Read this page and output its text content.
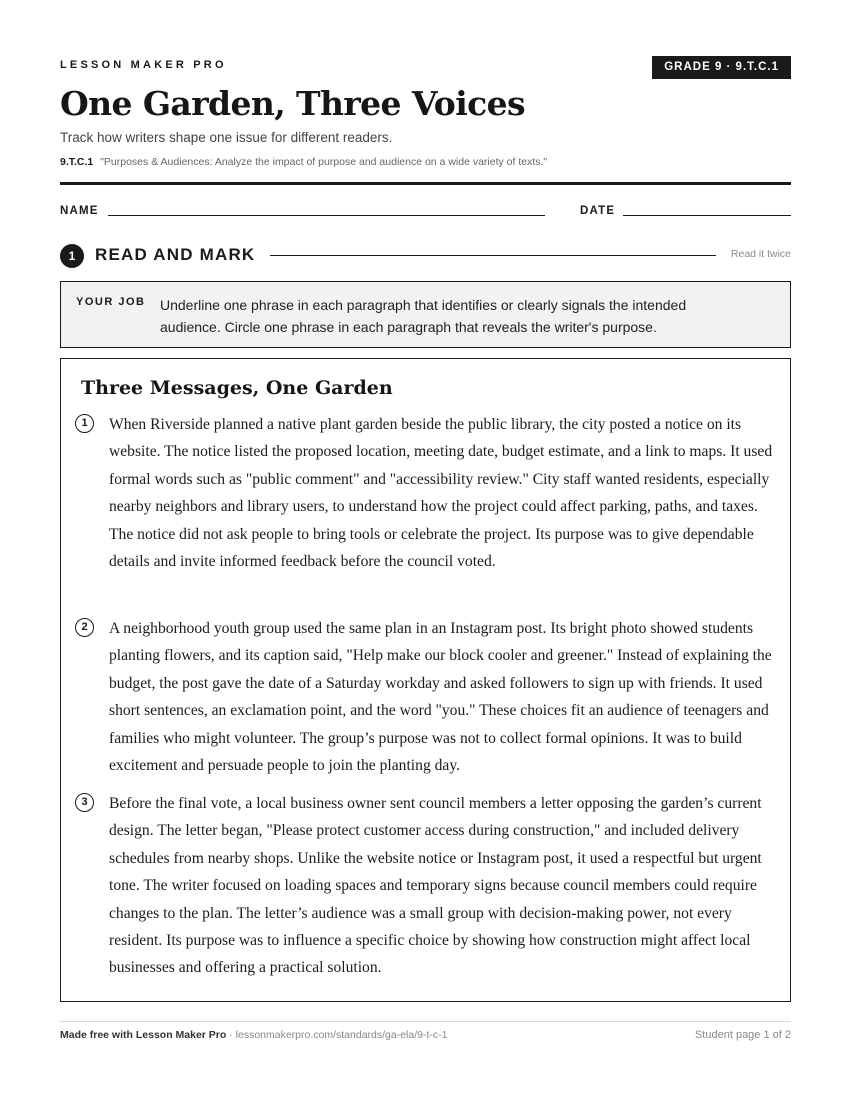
LESSON MAKER PRO	GRADE 9 · 9.T.C.1
One Garden, Three Voices
Track how writers shape one issue for different readers.
9.T.C.1 "Purposes & Audiences: Analyze the impact of purpose and audience on a wide variety of texts."
NAME	DATE
1	READ AND MARK	Read it twice
YOUR JOB Underline one phrase in each paragraph that identifies or clearly signals the intended audience. Circle one phrase in each paragraph that reveals the writer's purpose.
Three Messages, One Garden
1	When Riverside planned a native plant garden beside the public library, the city posted a notice on its website. The notice listed the proposed location, meeting date, budget estimate, and a link to maps. It used formal words such as "public comment" and "accessibility review." City staff wanted residents, especially nearby neighbors and library users, to understand how the project could affect parking, paths, and taxes. The notice did not ask people to bring tools or celebrate the project. Its purpose was to give dependable details and invite informed feedback before the council voted.

2	A neighborhood youth group used the same plan in an Instagram post. Its bright photo showed students planting flowers, and its caption said, "Help make our block cooler and greener." Instead of explaining the budget, the post gave the date of a Saturday workday and asked followers to sign up with friends. It used short sentences, an exclamation point, and the word "you." These choices fit an audience of teenagers and families who might volunteer. The group’s purpose was not to collect formal opinions. It was to build excitement and persuade people to join the planting day.

3	Before the final vote, a local business owner sent council members a letter opposing the garden’s current design. The letter began, "Please protect customer access during construction," and included delivery schedules from nearby shops. Unlike the website notice or Instagram post, it used a respectful but urgent tone. The writer focused on loading spaces and temporary signs because council members could require changes to the plan. The letter’s audience was a small group with decision-making power, not every resident. Its purpose was to influence a specific choice by showing how construction might affect local businesses and offering a practical solution.

Made free with Lesson Maker Pro · lessonmakerpro.com/standards/ga-ela/9-t-c-1	Student page 1 of 2
